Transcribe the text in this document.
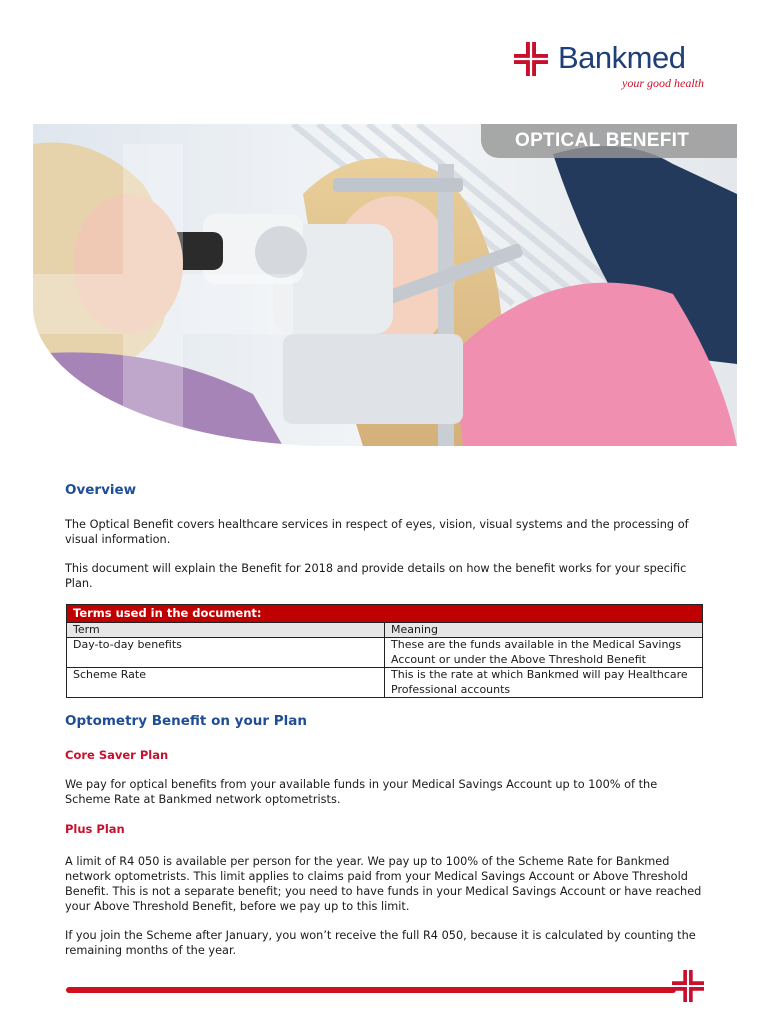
Bankmed
your good health
OPTICAL BENEFIT
Overview

The Optical Benefit covers healthcare services in respect of eyes, vision, visual systems and the processing of visual information.

This document will explain the Benefit for 2018 and provide details on how the benefit works for your specific Plan.

Terms used in the document:	
Term	Meaning
Day-to-day benefits	These are the funds available in the Medical Savings Account or under the Above Threshold Benefit
Scheme Rate	This is the rate at which Bankmed will pay Healthcare Professional accounts
Optometry Benefit on your Plan
Core Saver Plan

We pay for optical benefits from your available funds in your Medical Savings Account up to 100% of the Scheme Rate at Bankmed network optometrists.

Plus Plan

A limit of R4 050 is available per person for the year. We pay up to 100% of the Scheme Rate for Bankmed network optometrists. This limit applies to claims paid from your Medical Savings Account or Above Threshold Benefit. This is not a separate benefit; you need to have funds in your Medical Savings Account or have reached your Above Threshold Benefit, before we pay up to this limit.

If you join the Scheme after January, you won’t receive the full R4 050, because it is calculated by counting the remaining months of the year.
